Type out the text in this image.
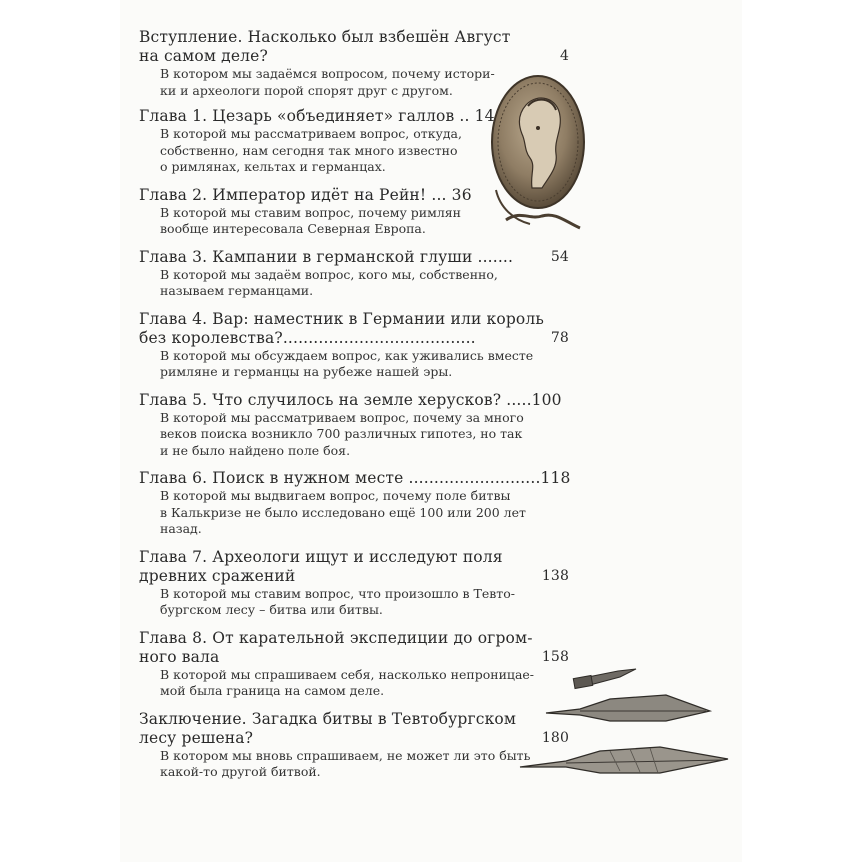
Вступление. Насколько был взбешён Август
на самом деле?	4
В котором мы задаёмся вопросом, почему истори-
ки и археологи порой спорят друг с другом.
Глава 1. Цезарь «объединяет» галлов .. 14
В которой мы рассматриваем вопрос, откуда,
собственно, нам сегодня так много известно
о римлянах, кельтах и германцах.
Глава 2. Император идёт на Рейн! ... 36
В которой мы ставим вопрос, почему римлян
вообще интересовала Северная Европа.
Глава 3. Кампании в германской глуши .......	54
В которой мы задаём вопрос, кого мы, собственно,
называем германцами.
Глава 4. Вар: наместник в Германии или король
без королевства?......................................	78
В которой мы обсуждаем вопрос, как уживались вместе
римляне и германцы на рубеже нашей эры.
Глава 5. Что случилось на земле херусков? .....100
В которой мы рассматриваем вопрос, почему за много
веков поиска возникло 700 различных гипотез, но так
и не было найдено поле боя.
Глава 6. Поиск в нужном месте ..........................118
В которой мы выдвигаем вопрос, почему поле битвы
в Калькризе не было исследовано ещё 100 или 200 лет
назад.
Глава 7. Археологи ищут и исследуют поля
древних сражений	138
В которой мы ставим вопрос, что произошло в Тевто-
бургском лесу – битва или битвы.
Глава 8. От карательной экспедиции до огром-
ного вала	158
В которой мы спрашиваем себя, насколько непроницае-
мой была граница на самом деле.
Заключение. Загадка битвы в Тевтобургском
лесу решена?	180
В котором мы вновь спрашиваем, не может ли это быть
какой-то другой битвой.
